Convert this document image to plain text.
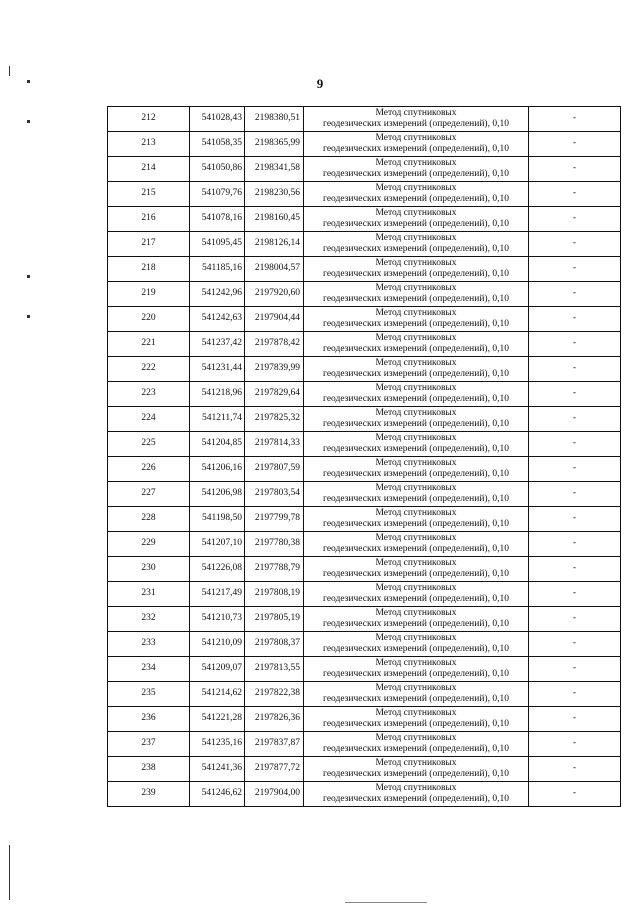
9
212	541028,43	2198380,51	Метод спутниковых
геодезических измерений (определений), 0,10	-
213	541058,35	2198365,99	Метод спутниковых
геодезических измерений (определений), 0,10	-
214	541050,86	2198341,58	Метод спутниковых
геодезических измерений (определений), 0,10	-
215	541079,76	2198230,56	Метод спутниковых
геодезических измерений (определений), 0,10	-
216	541078,16	2198160,45	Метод спутниковых
геодезических измерений (определений), 0,10	-
217	541095,45	2198126,14	Метод спутниковых
геодезических измерений (определений), 0,10	-
218	541185,16	2198004,57	Метод спутниковых
геодезических измерений (определений), 0,10	-
219	541242,96	2197920,60	Метод спутниковых
геодезических измерений (определений), 0,10	-
220	541242,63	2197904,44	Метод спутниковых
геодезических измерений (определений), 0,10	-
221	541237,42	2197878,42	Метод спутниковых
геодезических измерений (определений), 0,10	-
222	541231,44	2197839,99	Метод спутниковых
геодезических измерений (определений), 0,10	-
223	541218,96	2197829,64	Метод спутниковых
геодезических измерений (определений), 0,10	-
224	541211,74	2197825,32	Метод спутниковых
геодезических измерений (определений), 0,10	-
225	541204,85	2197814,33	Метод спутниковых
геодезических измерений (определений), 0,10	-
226	541206,16	2197807,59	Метод спутниковых
геодезических измерений (определений), 0,10	-
227	541206,98	2197803,54	Метод спутниковых
геодезических измерений (определений), 0,10	-
228	541198,50	2197799,78	Метод спутниковых
геодезических измерений (определений), 0,10	-
229	541207,10	2197780,38	Метод спутниковых
геодезических измерений (определений), 0,10	-
230	541226,08	2197788,79	Метод спутниковых
геодезических измерений (определений), 0,10	-
231	541217,49	2197808,19	Метод спутниковых
геодезических измерений (определений), 0,10	-
232	541210,73	2197805,19	Метод спутниковых
геодезических измерений (определений), 0,10	-
233	541210,09	2197808,37	Метод спутниковых
геодезических измерений (определений), 0,10	-
234	541209,07	2197813,55	Метод спутниковых
геодезических измерений (определений), 0,10	-
235	541214,62	2197822,38	Метод спутниковых
геодезических измерений (определений), 0,10	-
236	541221,28	2197826,36	Метод спутниковых
геодезических измерений (определений), 0,10	-
237	541235,16	2197837,87	Метод спутниковых
геодезических измерений (определений), 0,10	-
238	541241,36	2197877,72	Метод спутниковых
геодезических измерений (определений), 0,10	-
239	541246,62	2197904,00	Метод спутниковых
геодезических измерений (определений), 0,10	-
